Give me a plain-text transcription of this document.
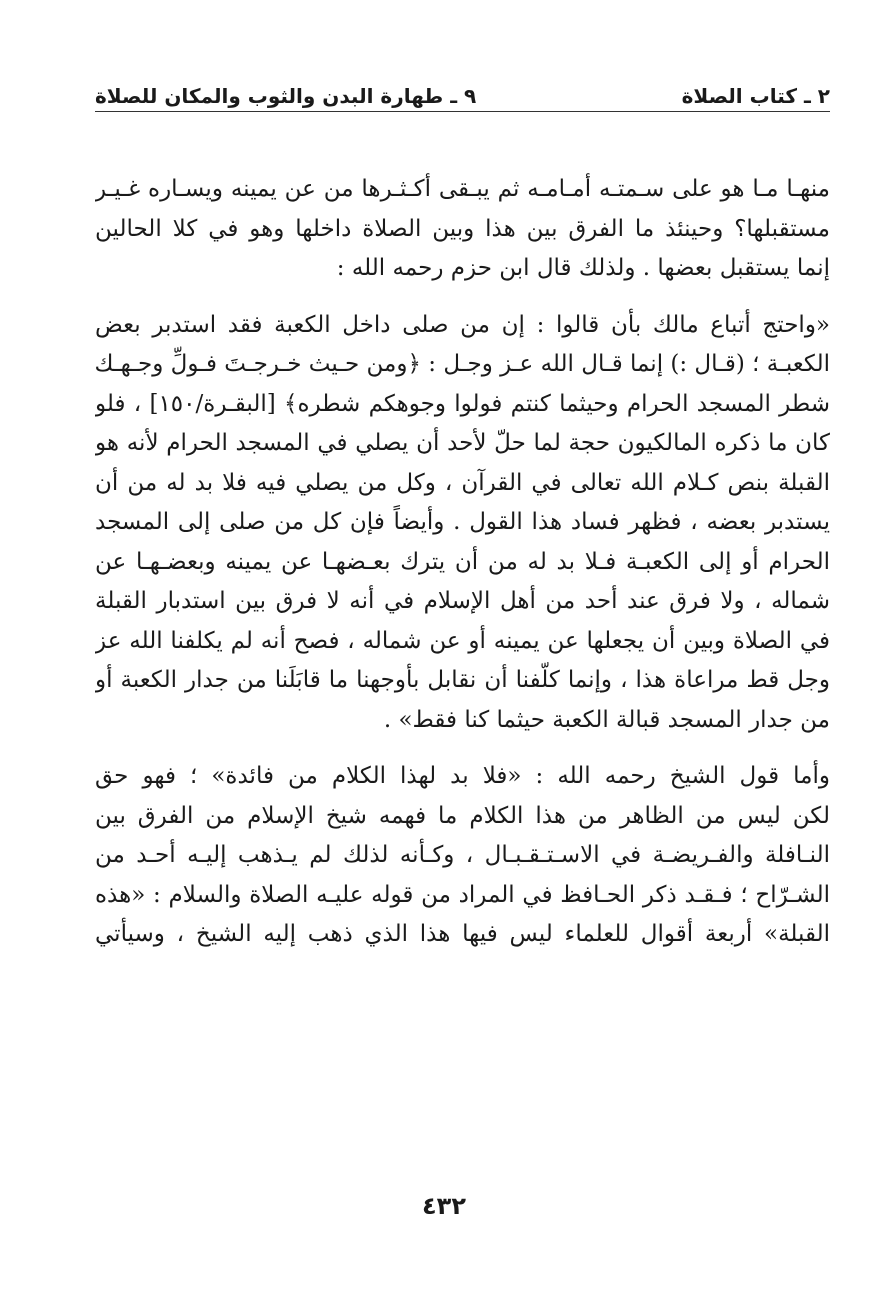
٢ ـ كتاب الصلاة
٩ ـ طهارة البدن والثوب والمكان للصلاة
منهـا مـا هو على سـمتـه أمـامـه ثم يبـقى أكـثـرها من عن يمينه ويسـاره غـيـر
مستقبلها؟ وحينئذ ما الفرق بين هذا وبين الصلاة داخلها وهو في كلا الحالين
إنما يستقبل بعضها . ولذلك قال ابن حزم رحمه الله :
«واحتج أتباع مالك بأن قالوا : إن من صلى داخل الكعبة فقد استدبر بعض
الكعبـة ؛ (قـال :) إنما قـال الله عـز وجـل : ﴿ومن حـيث خـرجـتَ فـولِّ وجـهـك
شطر المسجد الحرام وحيثما كنتم فولوا وجوهكم شطره﴾ [البقـرة/١٥٠] ، فلو
كان ما ذكره المالكيون حجة لما حلّ لأحد أن يصلي في المسجد الحرام لأنه هو
القبلة بنص كـلام الله تعالى في القرآن ، وكل من يصلي فيه فلا بد له من أن
يستدبر بعضه ، فظهر فساد هذا القول . وأيضاً فإن كل من صلى إلى المسجد
الحرام أو إلى الكعبـة فـلا بد له من أن يترك بعـضهـا عن يمينه وبعضـهـا عن
شماله ، ولا فرق عند أحد من أهل الإسلام في أنه لا فرق بين استدبار القبلة
في الصلاة وبين أن يجعلها عن يمينه أو عن شماله ، فصح أنه لم يكلفنا الله عز
وجل قط مراعاة هذا ، وإنما كلّفنا أن نقابل بأوجهنا ما قابَلَنا من جدار الكعبة أو
من جدار المسجد قبالة الكعبة حيثما كنا فقط» .
وأما قول الشيخ رحمه الله : «فلا بد لهذا الكلام من فائدة» ؛ فهو حق
لكن ليس من الظاهر من هذا الكلام ما فهمه شيخ الإسلام من الفرق بين
النـافلة والفـريضـة في الاسـتـقـبـال ، وكـأنه لذلك لم يـذهب إليـه أحـد من
الشـرّاح ؛ فـقـد ذكر الحـافظ في المراد من قوله عليـه الصلاة والسلام : «هذه
القبلة» أربعة أقوال للعلماء ليس فيها هذا الذي ذهب إليه الشيخ ، وسيأتي
٤٣٢
